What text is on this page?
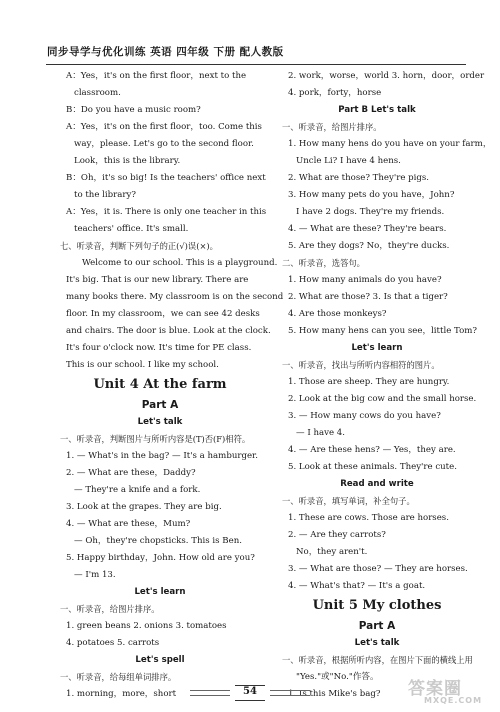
同步导学与优化训练 英语 四年级 下册 配人教版
A：Yes，it's on the first floor，next to the
classroom.
B：Do you have a music room?
A：Yes，it's on the first floor，too. Come this
way，please. Let's go to the second floor.
Look，this is the library.
B：Oh，it's so big! Is the teachers' office next
to the library?
A：Yes，it is. There is only one teacher in this
teachers' office. It's small.
七、听录音，判断下列句子的正(√)误(×)。
Welcome to our school. This is a playground.
It's big. That is our new library. There are
many books there. My classroom is on the second
floor. In my classroom，we can see 42 desks
and chairs. The door is blue. Look at the clock.
It's four o'clock now. It's time for PE class.
This is our school. I like my school.
Unit 4 At the farm
Part A
Let's talk
一、听录音，判断图片与所听内容是(T)否(F)相符。
1. — What's in the bag? — It's a hamburger.
2. — What are these，Daddy?
— They're a knife and a fork.
3. Look at the grapes. They are big.
4. — What are these，Mum?
— Oh，they're chopsticks. This is Ben.
5. Happy birthday，John. How old are you?
— I'm 13.
Let's learn
一、听录音，给图片排序。
1. green beans 2. onions 3. tomatoes
4. potatoes 5. carrots
Let's spell
一、听录音，给每组单词排序。
1. morning，more，short
2. work，worse，world 3. horn，door，order
4. pork，forty，horse
Part B Let's talk
一、听录音，给图片排序。
1. How many hens do you have on your farm，
Uncle Li? I have 4 hens.
2. What are those? They're pigs.
3. How many pets do you have，John?
I have 2 dogs. They're my friends.
4. — What are these? They're bears.
5. Are they dogs? No，they're ducks.
二、听录音，选答句。
1. How many animals do you have?
2. What are those? 3. Is that a tiger?
4. Are those monkeys?
5. How many hens can you see，little Tom?
Let's learn
一、听录音，找出与所听内容相符的图片。
1. Those are sheep. They are hungry.
2. Look at the big cow and the small horse.
3. — How many cows do you have?
— I have 4.
4. — Are these hens? — Yes，they are.
5. Look at these animals. They're cute.
Read and write
一、听录音，填写单词，补全句子。
1. These are cows. Those are horses.
2. — Are they carrots?
No，they aren't.
3. — What are those? — They are horses.
4. — What's that? — It's a goat.
Unit 5 My clothes
Part A
Let's talk
一、听录音，根据所听内容，在图片下面的横线上用
"Yes."或"No."作答。
1. Is this Mike's bag?
54	答案圈
MXQE.COM
